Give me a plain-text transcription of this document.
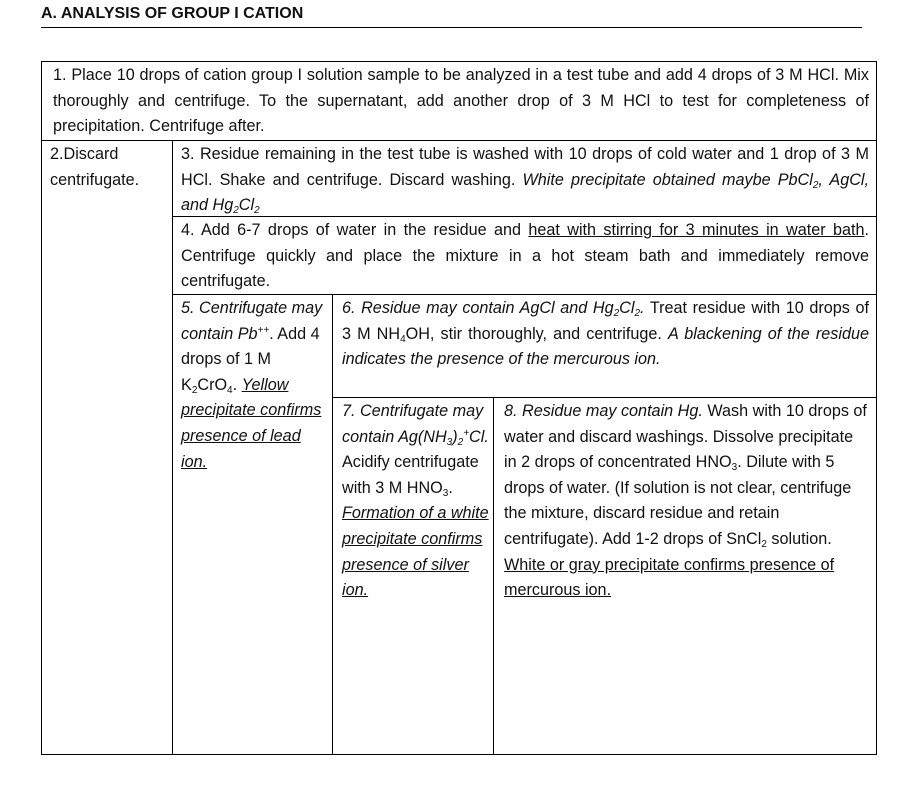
A. ANALYSIS OF GROUP I CATION
1. Place 10 drops of cation group I solution sample to be analyzed in a test tube and add 4 drops of 3 M HCl. Mix thoroughly and centrifuge. To the supernatant, add another drop of 3 M HCl to test for completeness of precipitation. Centrifuge after.
2.Discard centrifugate.
3. Residue remaining in the test tube is washed with 10 drops of cold water and 1 drop of 3 M HCl. Shake and centrifuge. Discard washing. White precipitate obtained maybe PbCl$_2$, AgCl, and $Hg_2Cl_2$
4. Add 6-7 drops of water in the residue and heat with stirring for 3 minutes in water bath. Centrifuge quickly and place the mixture in a hot steam bath and immediately remove centrifugate.
5. Centrifugate may contain Pb++. Add 4 drops of 1 M $K_2CrO_4$. Yellow precipitate confirms presence of lead ion.
6. Residue may contain AgCl and $Hg_2Cl_2$. Treat residue with 10 drops of 3 M $NH_4OH$, stir thoroughly, and centrifuge. A blackening of the residue indicates the presence of the mercurous ion.
7. Centrifugate may contain $Ag(NH_3)_2^+Cl$. Acidify centrifugate with 3 M $HNO_3$. Formation of a white precipitate confirms presence of silver ion.
8. Residue may contain Hg. Wash with 10 drops of water and discard washings. Dissolve precipitate in 2 drops of concentrated $HNO_3$. Dilute with 5 drops of water. (If solution is not clear, centrifuge the mixture, discard residue and retain centrifugate). Add 1-2 drops of SnCl$_2$ solution. White or gray precipitate confirms presence of mercurous ion.
